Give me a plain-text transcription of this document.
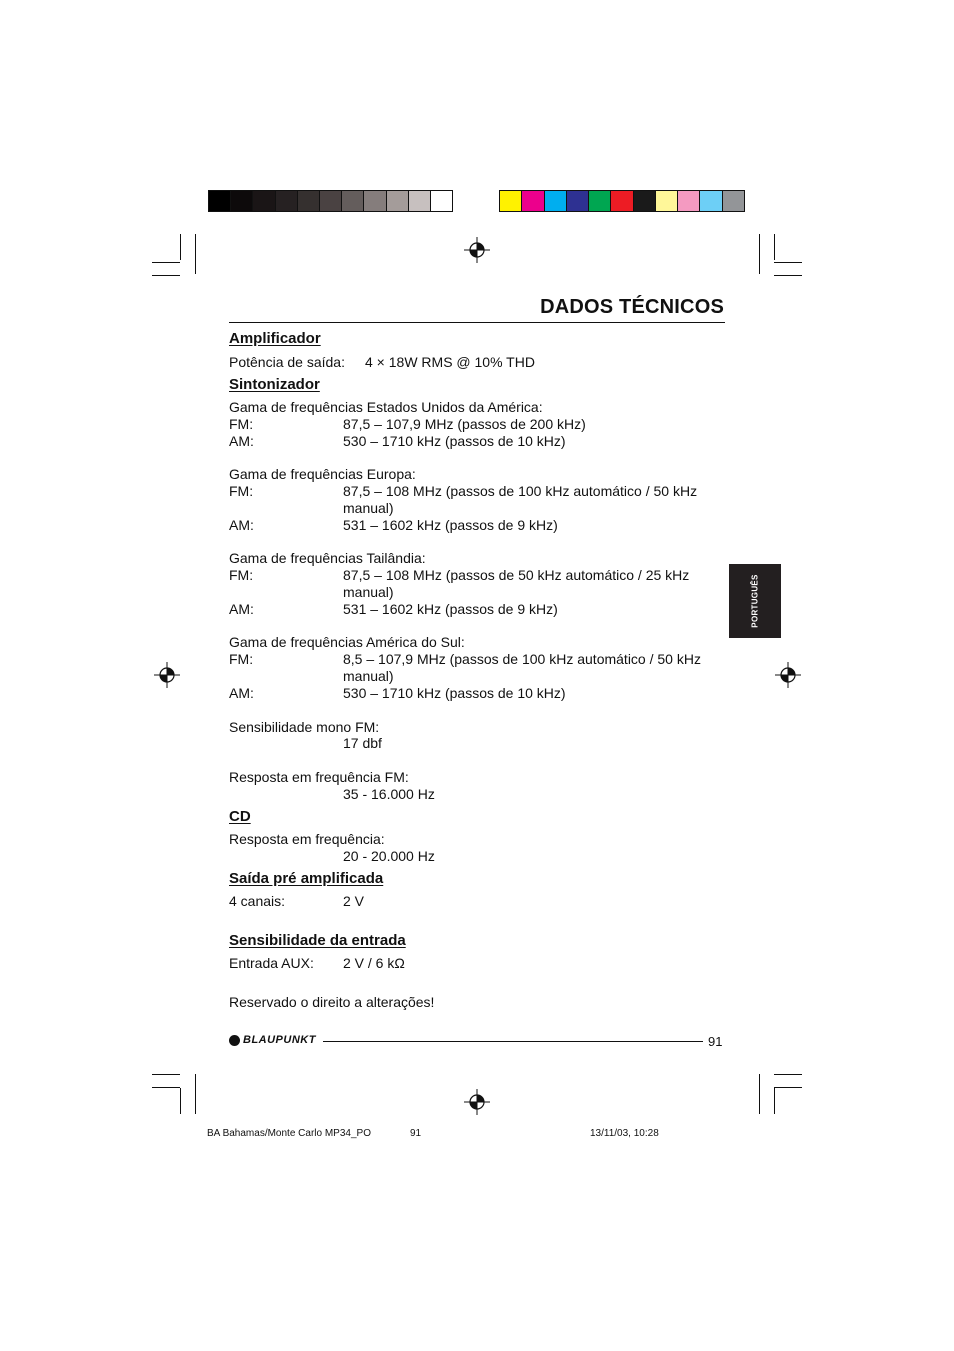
DADOS TÉCNICOS
PORTUGUÊS
Amplificador
Potência de saída: 4 × 18W RMS @ 10% THD
Sintonizador
Gama de frequências Estados Unidos da América:
FM:	87,5 – 107,9 MHz (passos de 200 kHz)
AM:	530 – 1710 kHz (passos de 10 kHz)
Gama de frequências Europa:
FM:	87,5 – 108 MHz (passos de 100 kHz automático / 50 kHz
manual)
AM:	531 – 1602 kHz (passos de 9 kHz)
Gama de frequências Tailândia:
FM:	87,5 – 108 MHz (passos de 50 kHz automático / 25 kHz
manual)
AM:	531 – 1602 kHz (passos de 9 kHz)
Gama de frequências América do Sul:
FM:	8,5 – 107,9 MHz (passos de 100 kHz automático / 50 kHz
manual)
AM:	530 – 1710 kHz (passos de 10 kHz)
Sensibilidade mono FM:
17 dbf
Resposta em frequência FM:
35 - 16.000 Hz
CD
Resposta em frequência:
20 - 20.000 Hz
Saída pré amplificada
4 canais:	2 V
Sensibilidade da entrada
Entrada AUX: 2 V / 6 kΩ
Reservado o direito a alterações!
BLAUPUNKT	91
BA Bahamas/Monte Carlo MP34_PO	91	13/11/03, 10:28
